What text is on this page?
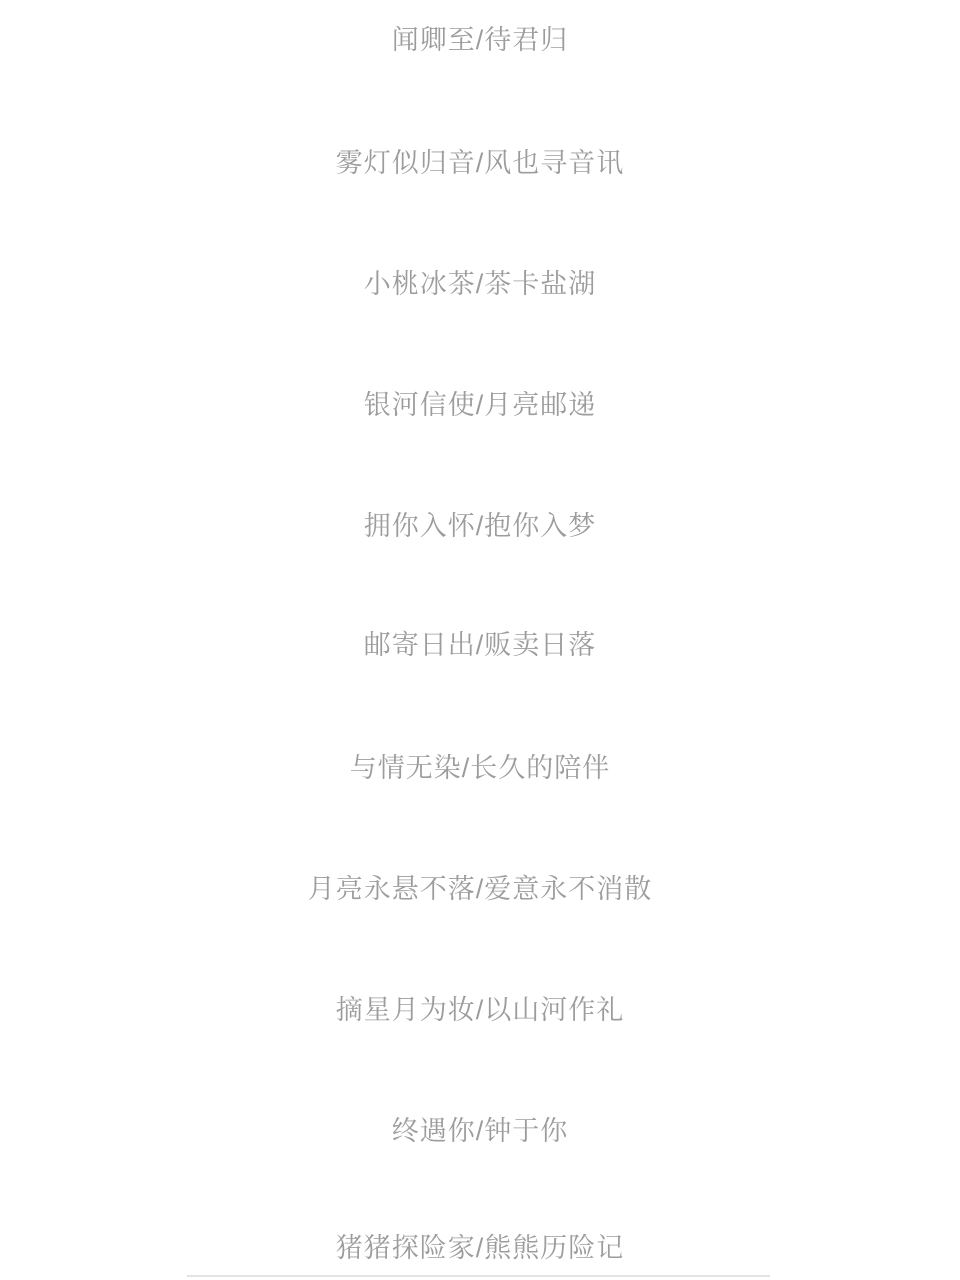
闻卿至/待君归
雾灯似归音/风也寻音讯
小桃冰茶/茶卡盐湖
银河信使/月亮邮递
拥你入怀/抱你入梦
邮寄日出/贩卖日落
与情无染/长久的陪伴
月亮永悬不落/爱意永不消散
摘星月为妆/以山河作礼
终遇你/钟于你
猪猪探险家/熊熊历险记
